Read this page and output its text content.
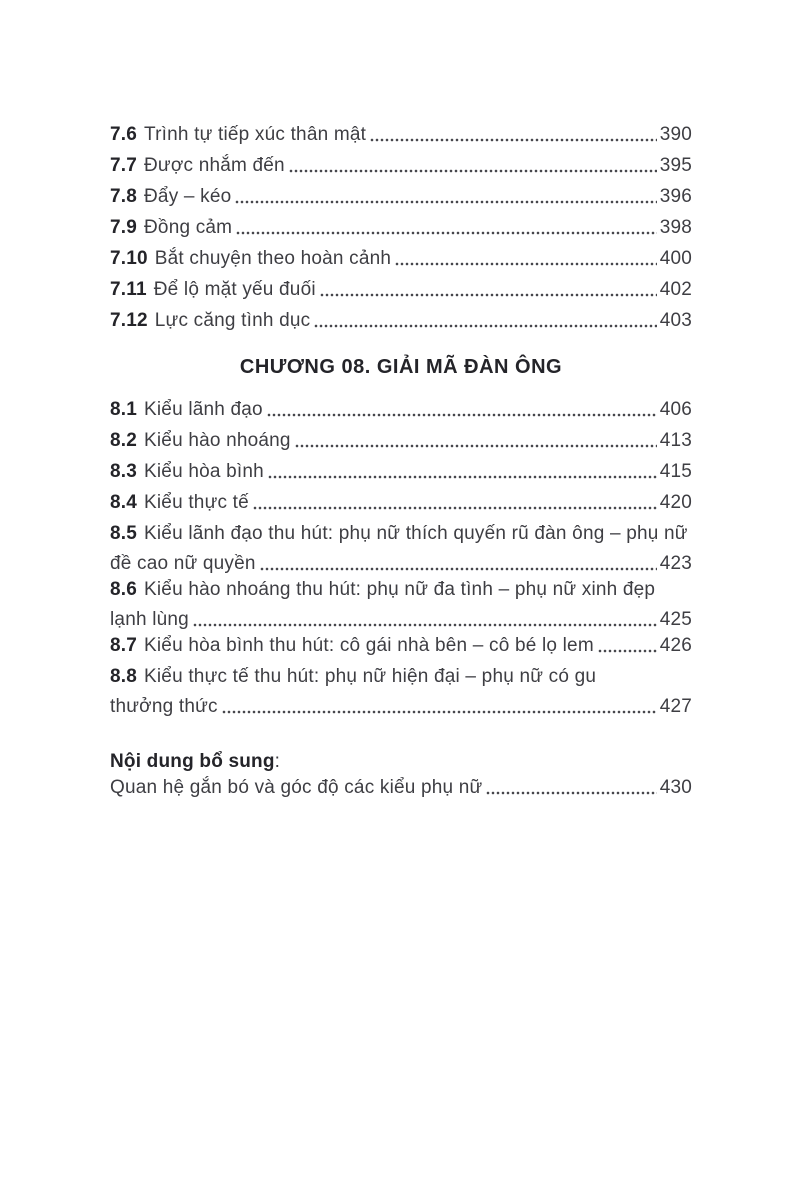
7.6 Trình tự tiếp xúc thân mật	390
7.7 Được nhắm đến	395
7.8 Đẩy – kéo	396
7.9 Đồng cảm	398
7.10 Bắt chuyện theo hoàn cảnh	400
7.11 Để lộ mặt yếu đuối	402
7.12 Lực căng tình dục	403
CHƯƠNG 08. GIẢI MÃ ĐÀN ÔNG
8.1 Kiểu lãnh đạo	406
8.2 Kiểu hào nhoáng	413
8.3 Kiểu hòa bình	415
8.4 Kiểu thực tế	420
8.5 Kiểu lãnh đạo thu hút: phụ nữ thích quyến rũ đàn ông – phụ nữ
đề cao nữ quyền	423
8.6 Kiểu hào nhoáng thu hút: phụ nữ đa tình – phụ nữ xinh đẹp
lạnh lùng	425
8.7 Kiểu hòa bình thu hút: cô gái nhà bên – cô bé lọ lem	426
8.8 Kiểu thực tế thu hút: phụ nữ hiện đại – phụ nữ có gu
thưởng thức	427
Nội dung bổ sung:
Quan hệ gắn bó và góc độ các kiểu phụ nữ	430
